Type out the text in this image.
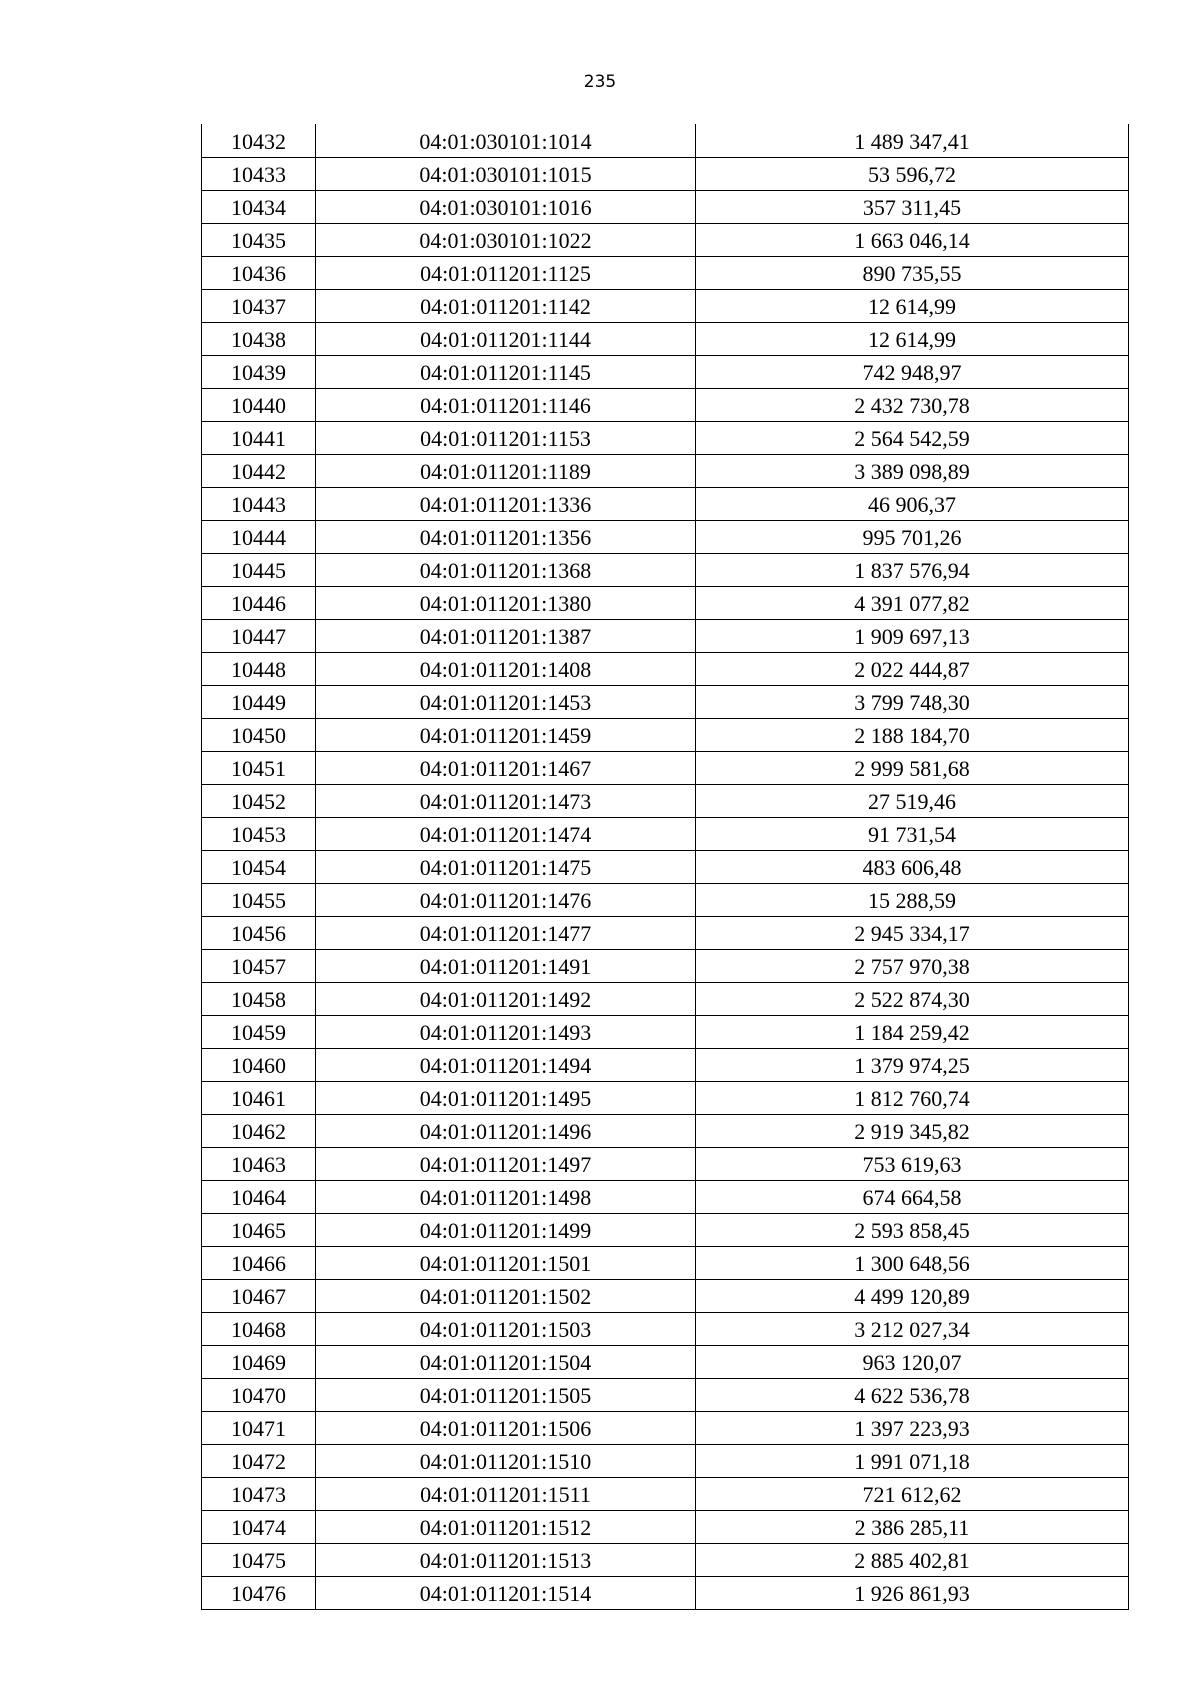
235
10432	04:01:030101:1014	1 489 347,41
10433	04:01:030101:1015	53 596,72
10434	04:01:030101:1016	357 311,45
10435	04:01:030101:1022	1 663 046,14
10436	04:01:011201:1125	890 735,55
10437	04:01:011201:1142	12 614,99
10438	04:01:011201:1144	12 614,99
10439	04:01:011201:1145	742 948,97
10440	04:01:011201:1146	2 432 730,78
10441	04:01:011201:1153	2 564 542,59
10442	04:01:011201:1189	3 389 098,89
10443	04:01:011201:1336	46 906,37
10444	04:01:011201:1356	995 701,26
10445	04:01:011201:1368	1 837 576,94
10446	04:01:011201:1380	4 391 077,82
10447	04:01:011201:1387	1 909 697,13
10448	04:01:011201:1408	2 022 444,87
10449	04:01:011201:1453	3 799 748,30
10450	04:01:011201:1459	2 188 184,70
10451	04:01:011201:1467	2 999 581,68
10452	04:01:011201:1473	27 519,46
10453	04:01:011201:1474	91 731,54
10454	04:01:011201:1475	483 606,48
10455	04:01:011201:1476	15 288,59
10456	04:01:011201:1477	2 945 334,17
10457	04:01:011201:1491	2 757 970,38
10458	04:01:011201:1492	2 522 874,30
10459	04:01:011201:1493	1 184 259,42
10460	04:01:011201:1494	1 379 974,25
10461	04:01:011201:1495	1 812 760,74
10462	04:01:011201:1496	2 919 345,82
10463	04:01:011201:1497	753 619,63
10464	04:01:011201:1498	674 664,58
10465	04:01:011201:1499	2 593 858,45
10466	04:01:011201:1501	1 300 648,56
10467	04:01:011201:1502	4 499 120,89
10468	04:01:011201:1503	3 212 027,34
10469	04:01:011201:1504	963 120,07
10470	04:01:011201:1505	4 622 536,78
10471	04:01:011201:1506	1 397 223,93
10472	04:01:011201:1510	1 991 071,18
10473	04:01:011201:1511	721 612,62
10474	04:01:011201:1512	2 386 285,11
10475	04:01:011201:1513	2 885 402,81
10476	04:01:011201:1514	1 926 861,93
